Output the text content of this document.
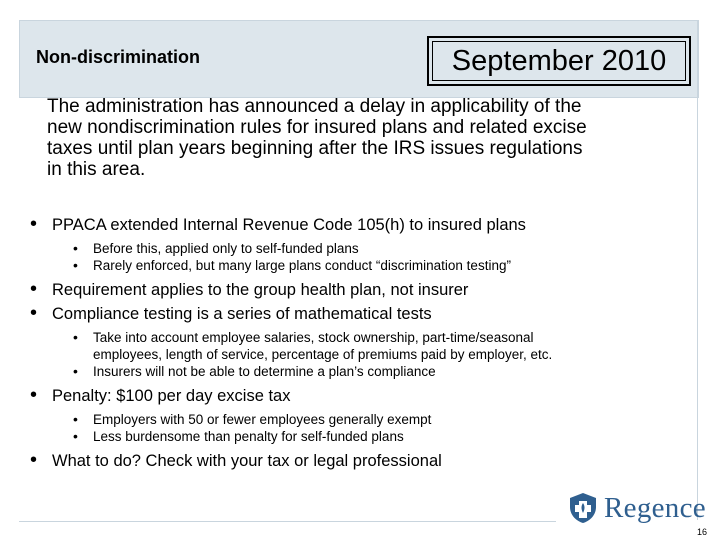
Non-discrimination	September 2010
The administration has announced a delay in applicability of the
new nondiscrimination rules for insured plans and related excise
taxes until plan years beginning after the IRS issues regulations
in this area.
• PPACA extended Internal Revenue Code 105(h) to insured plans
• Before this, applied only to self-funded plans
• Rarely enforced, but many large plans conduct “discrimination testing”
• Requirement applies to the group health plan, not insurer
• Compliance testing is a series of mathematical tests
• Take into account employee salaries, stock ownership, part-time/seasonal
employees, length of service, percentage of premiums paid by employer, etc.
• Insurers will not be able to determine a plan’s compliance
• Penalty: $100 per day excise tax
• Employers with 50 or fewer employees generally exempt
• Less burdensome than penalty for self-funded plans
• What to do? Check with your tax or legal professional
Regence
16
